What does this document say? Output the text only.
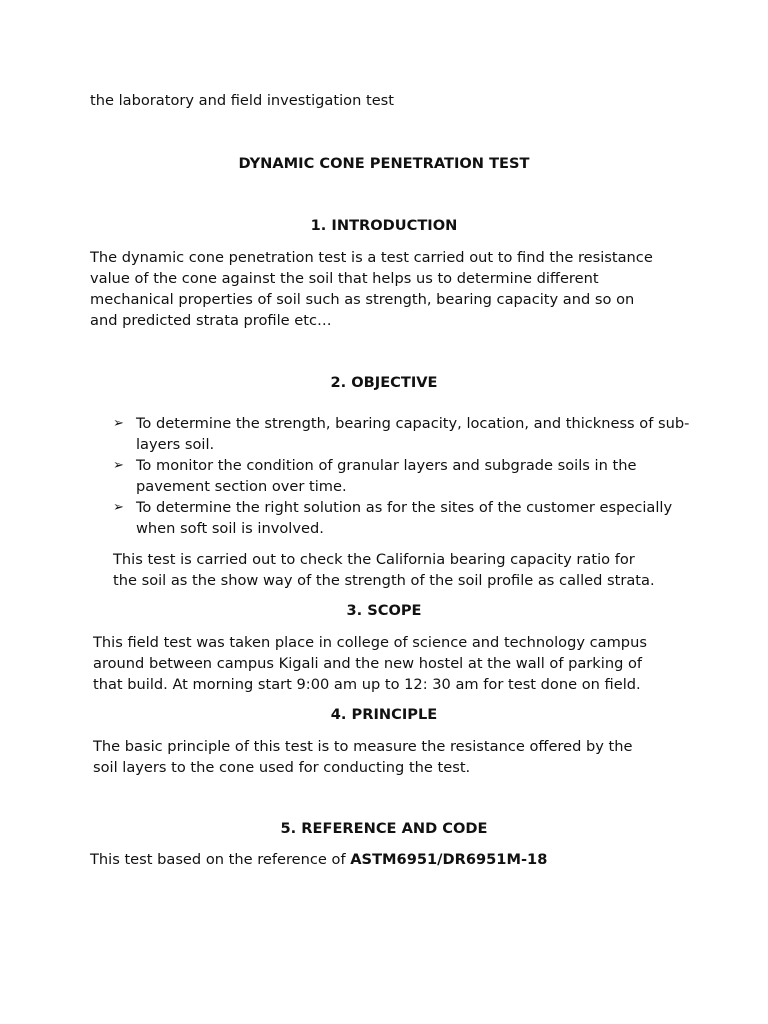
the laboratory and field investigation test
DYNAMIC CONE PENETRATION TEST
1. INTRODUCTION
The dynamic cone penetration test is a test carried out to find the resistance
value of the cone against the soil that helps us to determine different
mechanical properties of soil such as strength, bearing capacity and so on
and predicted strata profile etc…
2. OBJECTIVE
➢ To determine the strength, bearing capacity, location, and thickness of sub-layers soil.
➢ To monitor the condition of granular layers and subgrade soils in the pavement section over time.
➢ To determine the right solution as for the sites of the customer especially when soft soil is involved.
This test is carried out to check the California bearing capacity ratio for
the soil as the show way of the strength of the soil profile as called strata.
3. SCOPE
This field test was taken place in college of science and technology campus
around between campus Kigali and the new hostel at the wall of parking of
that build. At morning start 9:00 am up to 12: 30 am for test done on field.
4. PRINCIPLE
The basic principle of this test is to measure the resistance offered by the
soil layers to the cone used for conducting the test.
5. REFERENCE AND CODE
This test based on the reference of ASTM6951/DR6951M-18
